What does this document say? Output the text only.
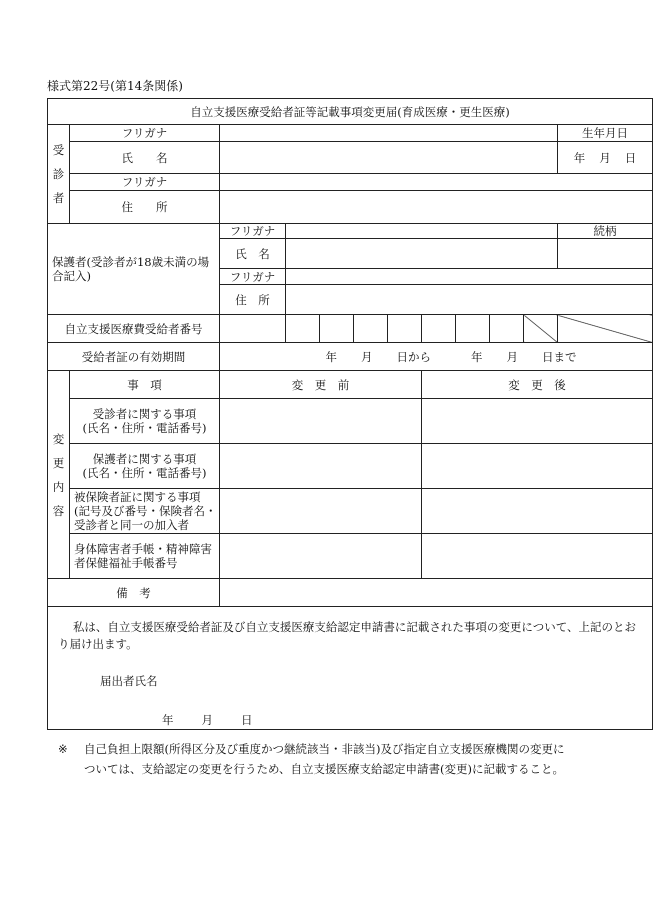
様式第22号(第14条関係)
自立支援医療受給者証等記載事項変更届(育成医療・更生医療)											

受
診
者	フリガナ										生年月日
	氏　　名										年 月 日
	フリガナ										
	住　　所										
保護者(受診者が18歳未満の場合記入)		フリガナ									続柄
		氏　名									
		フリガナ									
		住　所									
自立支援医療費受給者番号											
受給者証の有効期間		年 月 日から 年 月 日まで									

変
更
内
容	事　項	変　更　前					変　更　後				

	受診者に関する事項
(氏名・住所・電話番号)										

	保護者に関する事項
(氏名・住所・電話番号)										

	被保険者証に関する事項
(記号及び番号・保険者名・
受診者と同一の加入者										

	身体障害者手帳・精神障害
者保健福祉手帳番号										

備　考											

私は、自立支援医療受給者証及び自立支援医療支給認定申請書に記載された事項の変更について、上記のとおり届け出ます。
届出者氏名
年 月 日											
※	自己負担上限額(所得区分及び重度かつ継続該当・非該当)及び指定自立支援医療機関の変更については、支給認定の変更を行うため、自立支援医療支給認定申請書(変更)に記載すること。
